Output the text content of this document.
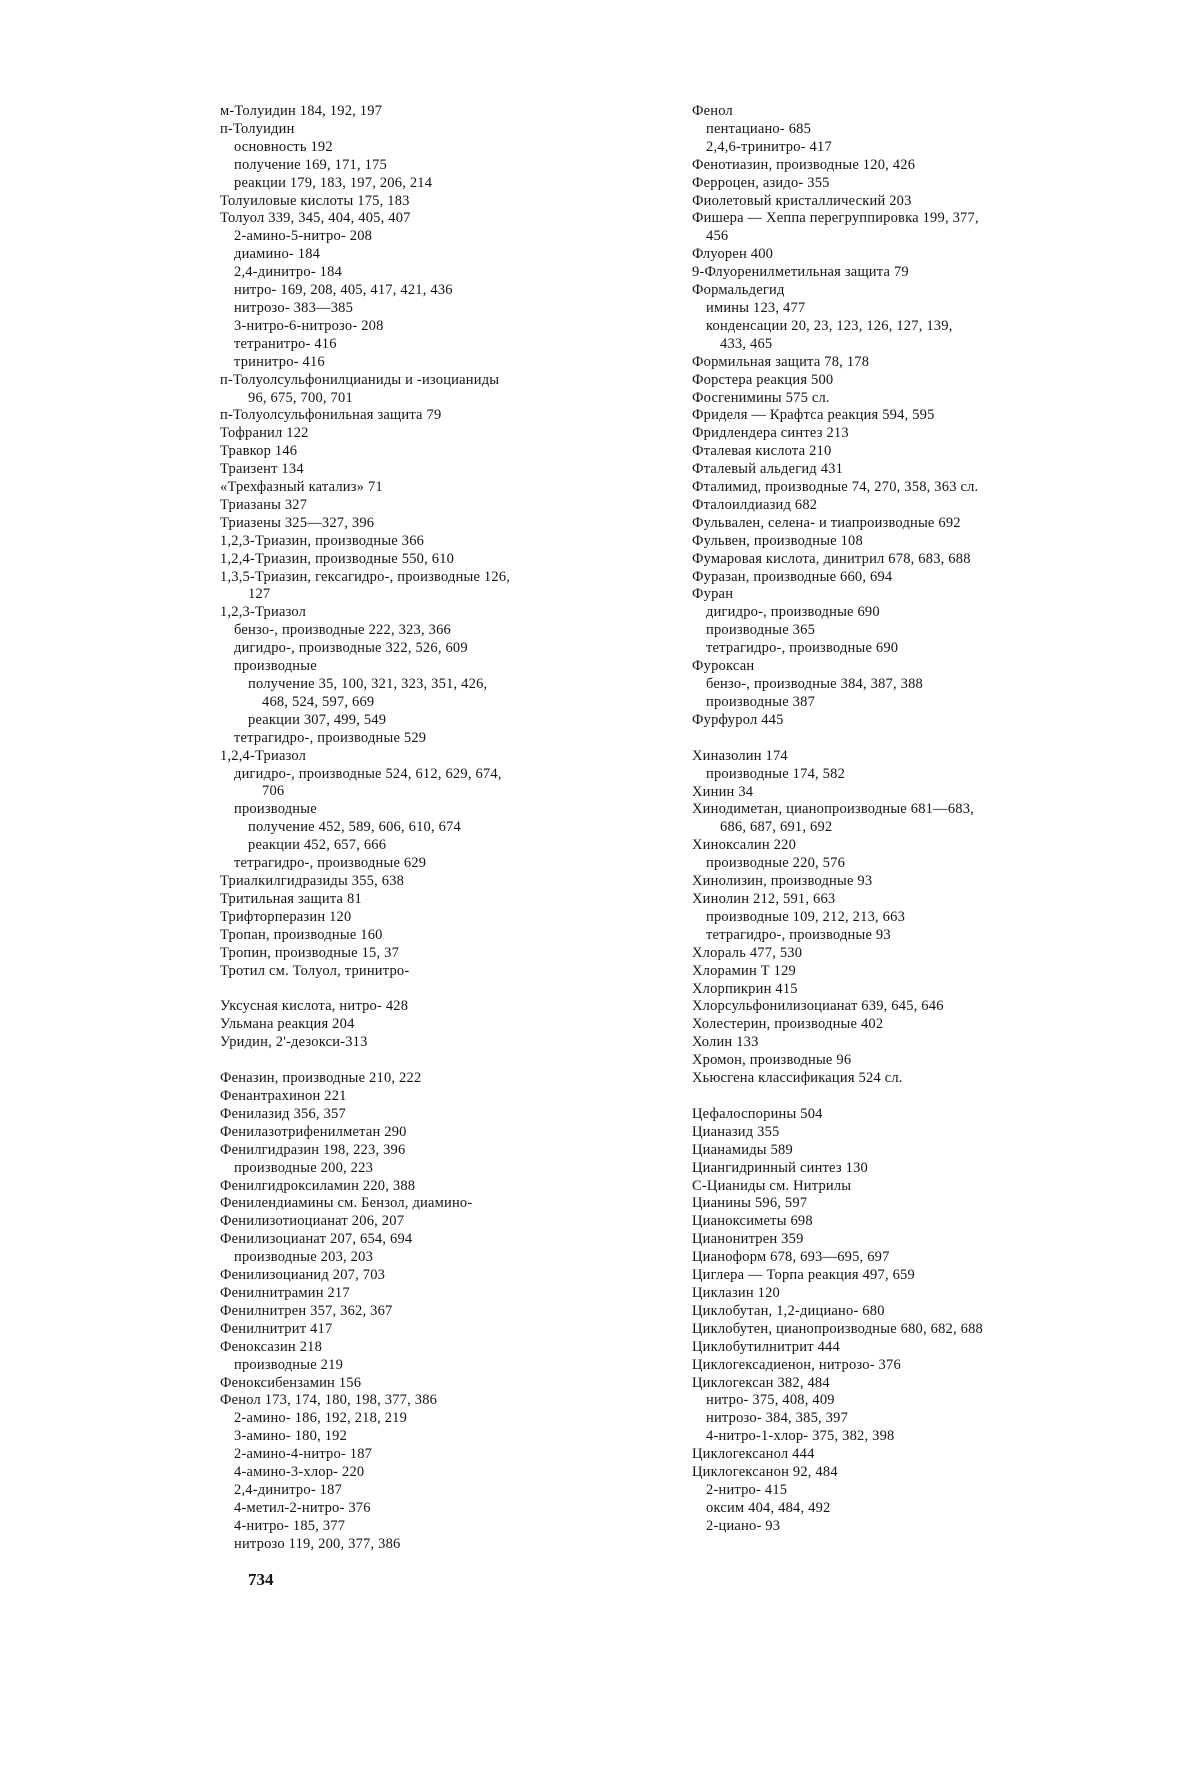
м-Толуидин 184, 192, 197
п-Толуидин
основность 192
получение 169, 171, 175
реакции 179, 183, 197, 206, 214
Толуиловые кислоты 175, 183
Толуол 339, 345, 404, 405, 407
2-амино-5-нитро- 208
диамино- 184
2,4-динитро- 184
нитро- 169, 208, 405, 417, 421, 436
нитрозо- 383—385
3-нитро-6-нитрозо- 208
тетранитро- 416
тринитро- 416
п-Толуолсульфонилцианиды и -изоцианиды
96, 675, 700, 701
п-Толуолсульфонильная защита 79
Тофранил 122
Травкор 146
Траизент 134
«Трехфазный катализ» 71
Триазаны 327
Триазены 325—327, 396
1,2,3-Триазин, производные 366
1,2,4-Триазин, производные 550, 610
1,3,5-Триазин, гексагидро-, производные 126,
127
1,2,3-Триазол
бензо-, производные 222, 323, 366
дигидро-, производные 322, 526, 609
производные
получение 35, 100, 321, 323, 351, 426,
468, 524, 597, 669
реакции 307, 499, 549
тетрагидро-, производные 529
1,2,4-Триазол
дигидро-, производные 524, 612, 629, 674,
706
производные
получение 452, 589, 606, 610, 674
реакции 452, 657, 666
тетрагидро-, производные 629
Триалкилгидразиды 355, 638
Тритильная защита 81
Трифторперазин 120
Тропан, производные 160
Тропин, производные 15, 37
Тротил см. Толуол, тринитро-
Уксусная кислота, нитро- 428
Ульмана реакция 204
Уридин, 2'-дезокси-313
Феназин, производные 210, 222
Фенантрахинон 221
Фенилазид 356, 357
Фенилазотрифенилметан 290
Фенилгидразин 198, 223, 396
производные 200, 223
Фенилгидроксиламин 220, 388
Фенилендиамины см. Бензол, диамино-
Фенилизотиоцианат 206, 207
Фенилизоцианат 207, 654, 694
производные 203, 203
Фенилизоцианид 207, 703
Фенилнитрамин 217
Фенилнитрен 357, 362, 367
Фенилнитрит 417
Феноксазин 218
производные 219
Феноксибензамин 156
Фенол 173, 174, 180, 198, 377, 386
2-амино- 186, 192, 218, 219
3-амино- 180, 192
2-амино-4-нитро- 187
4-амино-3-хлор- 220
2,4-динитро- 187
4-метил-2-нитро- 376
4-нитро- 185, 377
нитрозо 119, 200, 377, 386
Фенол
пентациано- 685
2,4,6-тринитро- 417
Фенотиазин, производные 120, 426
Ферроцен, азидо- 355
Фиолетовый кристаллический 203
Фишера — Хеппа перегруппировка 199, 377,
456
Флуорен 400
9-Флуоренилметильная защита 79
Формальдегид
имины 123, 477
конденсации 20, 23, 123, 126, 127, 139,
433, 465
Формильная защита 78, 178
Форстера реакция 500
Фосгенимины 575 сл.
Фриделя — Крафтса реакция 594, 595
Фридлендера синтез 213
Фталевая кислота 210
Фталевый альдегид 431
Фталимид, производные 74, 270, 358, 363 сл.
Фталоилдиазид 682
Фульвален, селена- и тиапроизводные 692
Фульвен, производные 108
Фумаровая кислота, динитрил 678, 683, 688
Фуразан, производные 660, 694
Фуран
дигидро-, производные 690
производные 365
тетрагидро-, производные 690
Фуроксан
бензо-, производные 384, 387, 388
производные 387
Фурфурол 445
Хиназолин 174
производные 174, 582
Хинин 34
Хинодиметан, цианопроизводные 681—683,
686, 687, 691, 692
Хиноксалин 220
производные 220, 576
Хинолизин, производные 93
Хинолин 212, 591, 663
производные 109, 212, 213, 663
тетрагидро-, производные 93
Хлораль 477, 530
Хлорамин Т 129
Хлорпикрин 415
Хлорсульфонилизоцианат 639, 645, 646
Холестерин, производные 402
Холин 133
Хромон, производные 96
Хьюсгена классификация 524 сл.
Цефалоспорины 504
Цианазид 355
Цианамиды 589
Циангидринный синтез 130
С-Цианиды см. Нитрилы
Цианины 596, 597
Цианоксиметы 698
Цианонитрен 359
Цианоформ 678, 693—695, 697
Циглера — Торпа реакция 497, 659
Циклазин 120
Циклобутан, 1,2-дициано- 680
Циклобутен, цианопроизводные 680, 682, 688
Циклобутилнитрит 444
Циклогексадиенон, нитрозо- 376
Циклогексан 382, 484
нитро- 375, 408, 409
нитрозо- 384, 385, 397
4-нитро-1-хлор- 375, 382, 398
Циклогексанол 444
Циклогексанон 92, 484
2-нитро- 415
оксим 404, 484, 492
2-циано- 93
734
